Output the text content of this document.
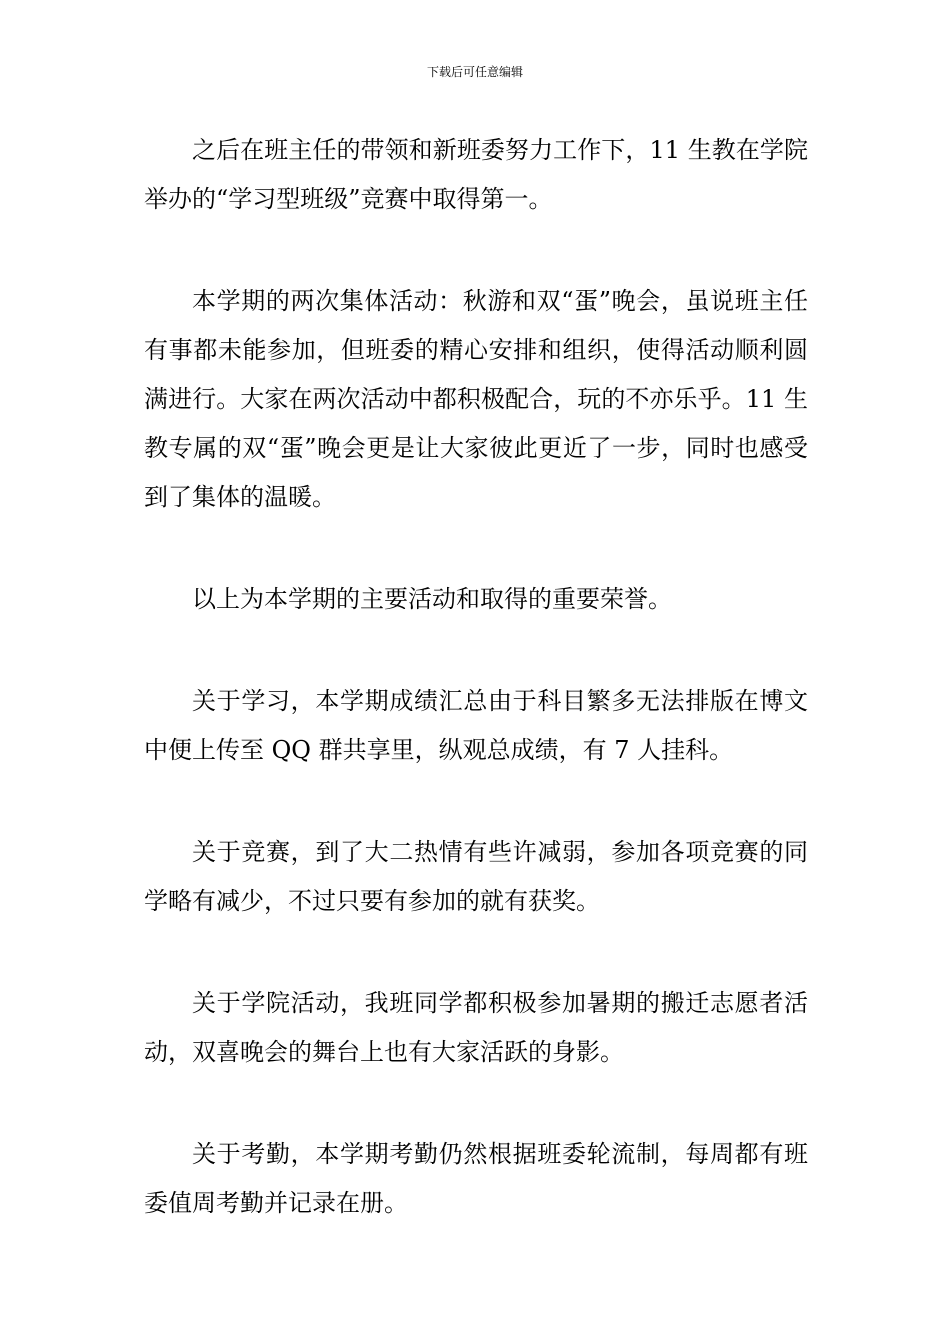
下载后可任意编辑

之后在班主任的带领和新班委努力工作下，11 生教在学院举办的“学习型班级”竞赛中取得第一。

本学期的两次集体活动：秋游和双“蛋”晚会，虽说班主任有事都未能参加，但班委的精心安排和组织，使得活动顺利圆满进行。大家在两次活动中都积极配合，玩的不亦乐乎。11 生教专属的双“蛋”晚会更是让大家彼此更近了一步，同时也感受到了集体的温暖。

以上为本学期的主要活动和取得的重要荣誉。

关于学习，本学期成绩汇总由于科目繁多无法排版在博文中便上传至 QQ 群共享里，纵观总成绩，有 7 人挂科。

关于竞赛，到了大二热情有些许减弱，参加各项竞赛的同学略有减少，不过只要有参加的就有获奖。

关于学院活动，我班同学都积极参加暑期的搬迁志愿者活动，双喜晚会的舞台上也有大家活跃的身影。

关于考勤，本学期考勤仍然根据班委轮流制，每周都有班委值周考勤并记录在册。
